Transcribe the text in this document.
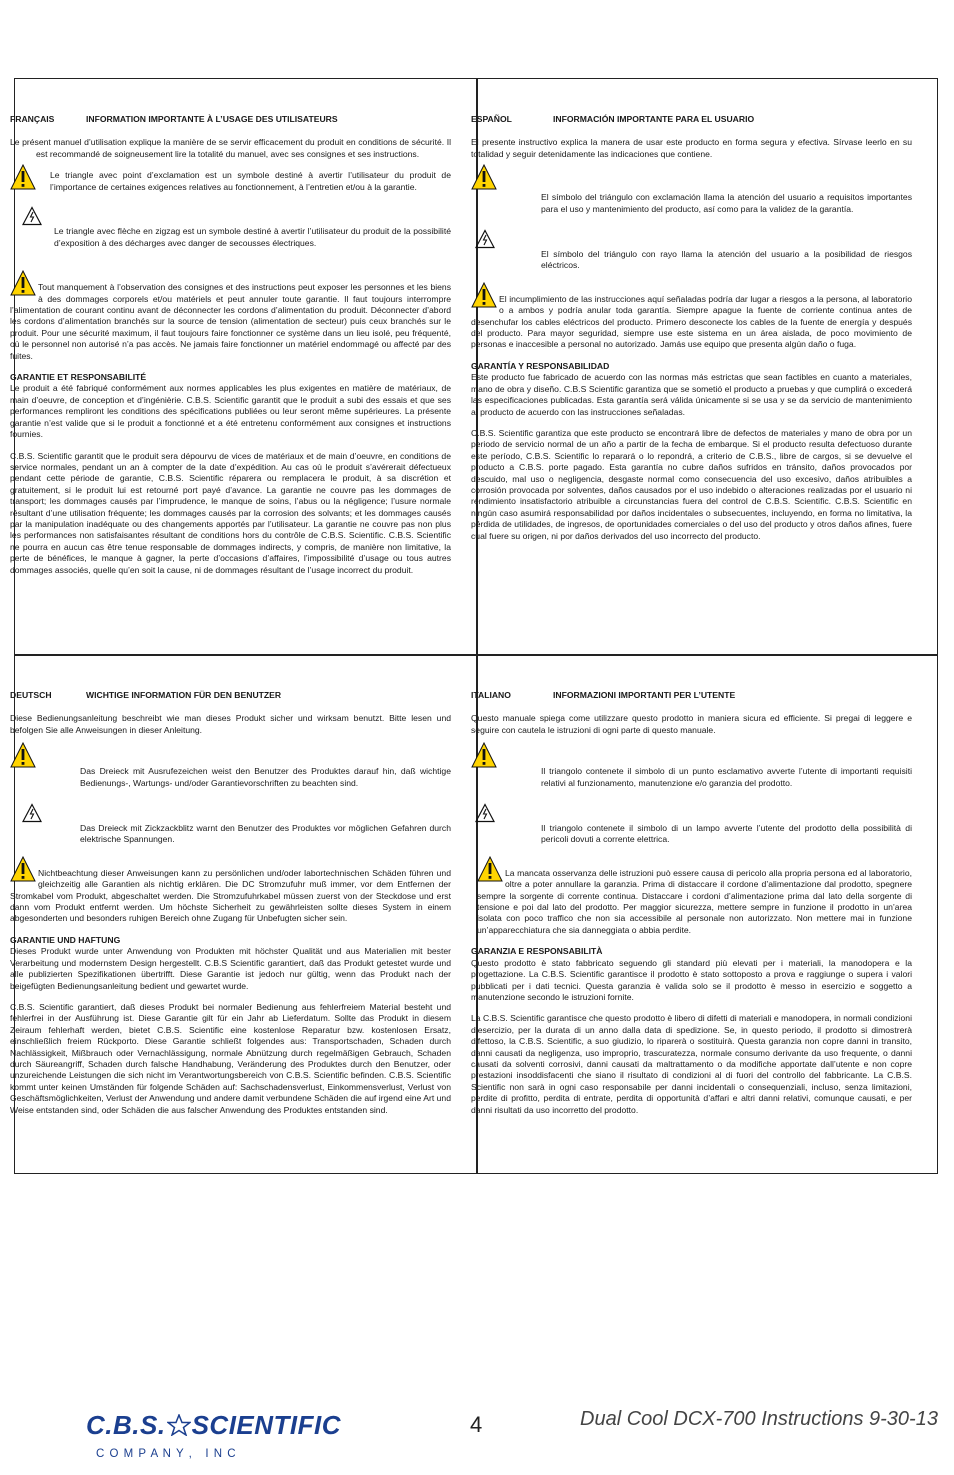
FRANÇAIS	INFORMATION IMPORTANTE À L’USAGE DES UTILISATEURS

Le présent manuel d’utilisation explique la manière de se servir efficacement du produit en conditions de sécurité. Il est recommandé de soigneusement lire la totalité du manuel, avec ses consignes et ses instructions.

Le triangle avec point d’exclamation est un symbole destiné à avertir l’utilisateur du produit de l’importance de certaines exigences relatives au fonctionnement, à l’entretien et/ou à la garantie.
Le triangle avec flèche en zigzag est un symbole destiné à avertir l’utilisateur du produit de la possibilité d’exposition à des décharges avec danger de secousses électriques.

Tout manquement à l’observation des consignes et des instructions peut exposer les personnes et les biens à des dommages corporels et/ou matériels et peut annuler toute garantie. Il faut toujours interrompre l’alimentation de courant continu avant de déconnecter les cordons d’alimentation du produit. Déconnecter d’abord les cordons d’alimentation branchés sur la source de tension (alimentation de secteur) puis ceux branchés sur le produit. Pour une sécurité maximum, il faut toujours faire fonctionner ce système dans un lieu isolé, peu fréquenté, où le personnel non autorisé n’a pas accès. Ne jamais faire fonctionner un matériel endommagé ou affecté par des fuites.

GARANTIE ET RESPONSABILITÉ

Le produit a été fabriqué conformément aux normes applicables les plus exigentes en matière de matériaux, de main d’oeuvre, de conception et d’ingénièrie. C.B.S. Scientific garantit que le produit a subi des essais et que ses performances rempliront les conditions des spécifications publiées ou leur seront même supérieures. La présente garantie n’est valide que si le produit a fonctionné et a été entretenu conformément aux consignes et instructions fournies.

C.B.S. Scientific garantit que le produit sera dépourvu de vices de matériaux et de main d’oeuvre, en conditions de service normales, pendant un an à compter de la date d’expédition. Au cas où le produit s’avérerait défectueux pendant cette période de garantie, C.B.S. Scientific réparera ou remplacera le produit, à sa discrétion et gratuitement, si le produit lui est retourné port payé d’avance. La garantie ne couvre pas les dommages de transport; les dommages causés par l’imprudence, le manque de soins, l’abus ou la négligence; l’usure normale résultant d’une utilisation fréquente; les dommages causés par la corrosion des solvants; et les dommages causés par la manipulation inadéquate ou des changements apportés par l’utilisateur. La garantie ne couvre pas non plus les performances non satisfaisantes résultant de conditions hors du contrôle de C.B.S. Scientific. C.B.S. Scientific ne pourra en aucun cas être tenue responsable de dommages indirects, y compris, de manière non limitative, la perte de bénéfices, le manque à gagner, la perte d’occasions d’affaires, l’impossibilité d’usage ou tous autres dommages associés, quelle qu’en soit la cause, ni de dommages résultant de l’usage incorrect du produit.

ESPAÑOL	INFORMACIÓN IMPORTANTE PARA EL USUARIO

El presente instructivo explica la manera de usar este producto en forma segura y efectiva. Sírvase leerlo en su totalidad y seguir detenidamente las indicaciones que contiene.

El símbolo del triángulo con exclamación llama la atención del usuario a requisitos importantes para el uso y mantenimiento del producto, así como para la validez de la garantía.
El símbolo del triángulo con rayo llama la atención del usuario a la posibilidad de riesgos eléctricos.

El incumplimiento de las instrucciones aquí señaladas podría dar lugar a riesgos a la persona, al laboratorio o a ambos y podría anular toda garantía. Siempre apague la fuente de corriente continua antes de desenchufar los cables eléctricos del producto. Primero desconecte los cables de la fuente de energía y después del producto. Para mayor seguridad, siempre use este sistema en un área aislada, de poco movimiento de personas e inaccesible a personal no autorizado. Jamás use equipo que presenta algún daño o fuga.

GARANTÍA Y RESPONSABILIDAD

Este producto fue fabricado de acuerdo con las normas más estrictas que sean factibles en cuanto a materiales, mano de obra y diseño. C.B.S Scientific garantiza que se sometió el producto a pruebas y que cumplirá o excederá las especificaciones publicadas. Esta garantía será válida únicamente si se usa y se da servicio de mantenimiento al producto de acuerdo con las instrucciones señaladas.

C.B.S. Scientific garantiza que este producto se encontrará libre de defectos de materiales y mano de obra por un periodo de servicio normal de un año a partir de la fecha de embarque. Si el producto resulta defectuoso durante este período, C.B.S. Scientific lo reparará o lo repondrá, a criterio de C.B.S., libre de cargos, si se devuelve el producto a C.B.S. porte pagado. Esta garantía no cubre daños sufridos en tránsito, daños provocados por descuido, mal uso o negligencia, desgaste normal como consecuencia del uso excesivo, daños atribuibles a corrosión provocada por solventes, daños causados por el uso indebido o alteraciones realizadas por el usuario ni rendimiento insatisfactorio atribuible a circunstancias fuera del control de C.B.S. Scientific. C.B.S. Scientific en ningún caso asumirá responsabilidad por daños incidentales o subsecuentes, incluyendo, en forma no limitativa, la pérdida de utilidades, de ingresos, de oportunidades comerciales o del uso del producto y otros daños afines, fuere cual fuere su origen, ni por daños derivados del uso incorrecto del producto.

DEUTSCH	WICHTIGE INFORMATION FÜR DEN BENUTZER

Diese Bedienungsanleitung beschreibt wie man dieses Produkt sicher und wirksam benutzt. Bitte lesen und befolgen Sie alle Anweisungen in dieser Anleitung.

Das Dreieck mit Ausrufezeichen weist den Benutzer des Produktes darauf hin, daß wichtige Bedienungs-, Wartungs- und/oder Garantievorschriften zu beachten sind.
Das Dreieck mit Zickzackblitz warnt den Benutzer des Produktes vor möglichen Gefahren durch elektrische Spannungen.

Nichtbeachtung dieser Anweisungen kann zu persönlichen und/oder labortechnischen Schäden führen und gleichzeitig alle Garantien als nichtig erklären. Die DC Stromzufuhr muß immer, vor dem Entfernen der Stromkabel vom Produkt, abgeschaltet werden. Die Stromzufuhrkabel müssen zuerst von der Steckdose und erst dann vom Produkt entfernt werden. Um höchste Sicherheit zu gewährleisten sollte dieses System in einem abgesonderten und besonders ruhigen Bereich ohne Zugang für Unbefugten sicher sein.

GARANTIE UND HAFTUNG

Dieses Produkt wurde unter Anwendung von Produkten mit höchster Qualität und aus Materialien mit bester Verarbeitung und modernstem Design hergestellt. C.B.S Scientific garantiert, daß das Produkt getestet wurde und alle publizierten Spezifikationen übertrifft. Diese Garantie ist jedoch nur gültig, wenn das Produkt nach der beigefügten Bedienungsanleitung bedient und gewartet wurde.

C.B.S. Scientific garantiert, daß dieses Produkt bei normaler Bedienung aus fehlerfreiem Material besteht und fehlerfrei in der Ausführung ist. Diese Garantie gilt für ein Jahr ab Lieferdatum. Sollte das Produkt in diesem Zeiraum fehlerhaft werden, bietet C.B.S. Scientific eine kostenlose Reparatur bzw. kostenlosen Ersatz, einschließlich freiem Rückporto. Diese Garantie schließt folgendes aus: Transportschaden, Schaden durch Nachlässigkeit, Mißbrauch oder Vernachlässigung, normale Abnützung durch regelmäßigen Gebrauch, Schaden durch Säureangriff, Schaden durch falsche Handhabung, Veränderung des Produktes durch den Benutzer, oder unzureichende Leistungen die sich nicht im Verantwortungsbereich von C.B.S. Scientific befinden. C.B.S. Scientific kommt unter keinen Umständen für folgende Schäden auf: Sachschadensverlust, Einkommensverlust, Verlust von Geschäftsmöglichkeiten, Verlust der Anwendung und andere damit verbundene Schäden die auf irgend eine Art und Weise entstanden sind, oder Schäden die aus falscher Anwendung des Produktes entstanden sind.

ITALIANO	INFORMAZIONI IMPORTANTI PER L’UTENTE

Questo manuale spiega come utilizzare questo prodotto in maniera sicura ed efficiente. Si pregai di leggere e seguire con cautela le istruzioni di ogni parte di questo manuale.

Il triangolo contenete il simbolo di un punto esclamativo avverte l’utente di importanti requisiti relativi al funzionamento, manutenzione e/o garanzia del prodotto.
Il triangolo contenete il simbolo di un lampo avverte l’utente del prodotto della possibilità di pericoli dovuti a corrente elettrica.

La mancata osservanza delle istruzioni può essere causa di pericolo alla propria persona ed al laboratorio, oltre a poter annullare la garanzia. Prima di distaccare il cordone d’alimentazione dal prodotto, spegnere sempre la sorgente di corrente continua. Distaccare i cordoni d’alimentazione prima dal lato della sorgente di tensione e poi dal lato del prodotto. Per maggior sicurezza, mettere sempre in funzione il prodotto in un’area isolata con poco traffico che non sia accessibile al personale non autorizzato. Non mettere mai in funzione un’apparecchiatura che sia danneggiata o abbia perdite.

GARANZIA E RESPONSABILITÀ

Questo prodotto è stato fabbricato seguendo gli standard più elevati per i materiali, la manodopera e la progettazione. La C.B.S. Scientific garantisce il prodotto è stato sottoposto a prova e raggiunge o supera i valori pubblicati per i dati tecnici. Questa garanzia è valida solo se il prodotto è messo in esercizio e soggetto a manutenzione secondo le istruzioni fornite.

La C.B.S. Scientific garantisce che questo prodotto è libero di difetti di materiali e manodopera, in normali condizioni d’esercizio, per la durata di un anno dalla data di spedizione. Se, in questo periodo, il prodotto si dimostrerà difettoso, la C.B.S. Scientific, a suo giudizio, lo riparerà o sostituirà. Questa garanzia non copre danni in transito, danni causati da negligenza, uso improprio, trascuratezza, normale consumo derivante da uso frequente, o danni causati da solventi corrosivi, danni causati da maltrattamento o da modifiche apportate dall’utente e non copre prestazioni insoddisfacenti che siano il risultato di condizioni al di fuori del controllo del fabbricante. La C.B.S. Scientific non sarà in ogni caso responsabile per danni incidentali o consequenziali, incluso, senza limitazioni, perdite di profitto, perdita di entrate, perdita di opportunità d’affari e altri danni relativi, comunque causati, e per danni risultati da uso incorretto del prodotto.

C.B.S. SCIENTIFIC
C O M P A N Y ,   I N C
4	Dual Cool DCX-700 Instructions 9-30-13
